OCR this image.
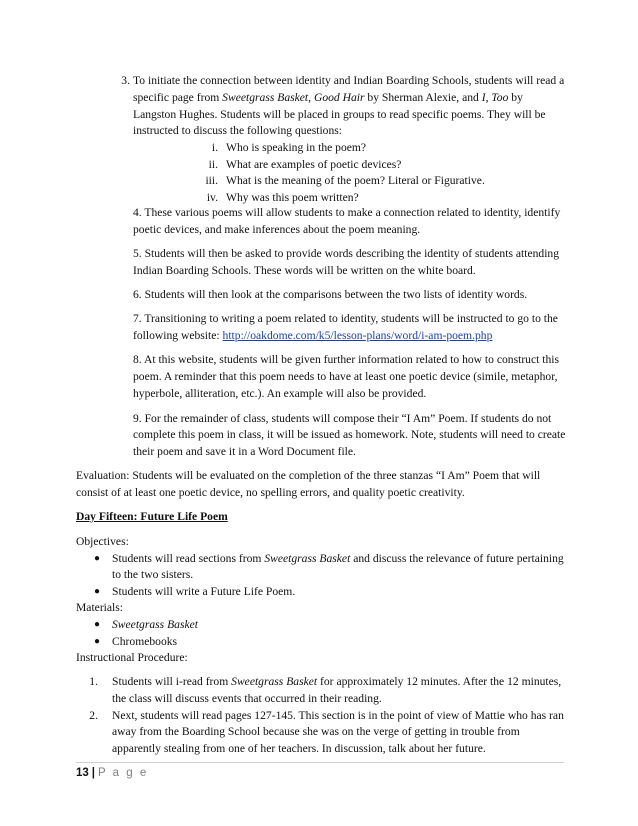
3. To initiate the connection between identity and Indian Boarding Schools, students will read a
specific page from Sweetgrass Basket, Good Hair by Sherman Alexie, and I, Too by
Langston Hughes. Students will be placed in groups to read specific poems. They will be
instructed to discuss the following questions:
i. Who is speaking in the poem?
ii. What are examples of poetic devices?
iii. What is the meaning of the poem? Literal or Figurative.
iv. Why was this poem written?
4. These various poems will allow students to make a connection related to identity, identify
poetic devices, and make inferences about the poem meaning.
5. Students will then be asked to provide words describing the identity of students attending
Indian Boarding Schools. These words will be written on the white board.
6. Students will then look at the comparisons between the two lists of identity words.
7. Transitioning to writing a poem related to identity, students will be instructed to go to the
following website: http://oakdome.com/k5/lesson-plans/word/i-am-poem.php
8. At this website, students will be given further information related to how to construct this
poem. A reminder that this poem needs to have at least one poetic device (simile, metaphor,
hyperbole, alliteration, etc.). An example will also be provided.
9. For the remainder of class, students will compose their “I Am” Poem. If students do not
complete this poem in class, it will be issued as homework. Note, students will need to create
their poem and save it in a Word Document file.
Evaluation: Students will be evaluated on the completion of the three stanzas “I Am” Poem that will
consist of at least one poetic device, no spelling errors, and quality poetic creativity.
Day Fifteen: Future Life Poem
Objectives:
● Students will read sections from Sweetgrass Basket and discuss the relevance of future pertaining
to the two sisters.
● Students will write a Future Life Poem.
Materials:
● Sweetgrass Basket
● Chromebooks
Instructional Procedure:
1. Students will i-read from Sweetgrass Basket for approximately 12 minutes. After the 12 minutes,
the class will discuss events that occurred in their reading.
2. Next, students will read pages 127-145. This section is in the point of view of Mattie who has ran
away from the Boarding School because she was on the verge of getting in trouble from
apparently stealing from one of her teachers. In discussion, talk about her future.
13 | P a g e
